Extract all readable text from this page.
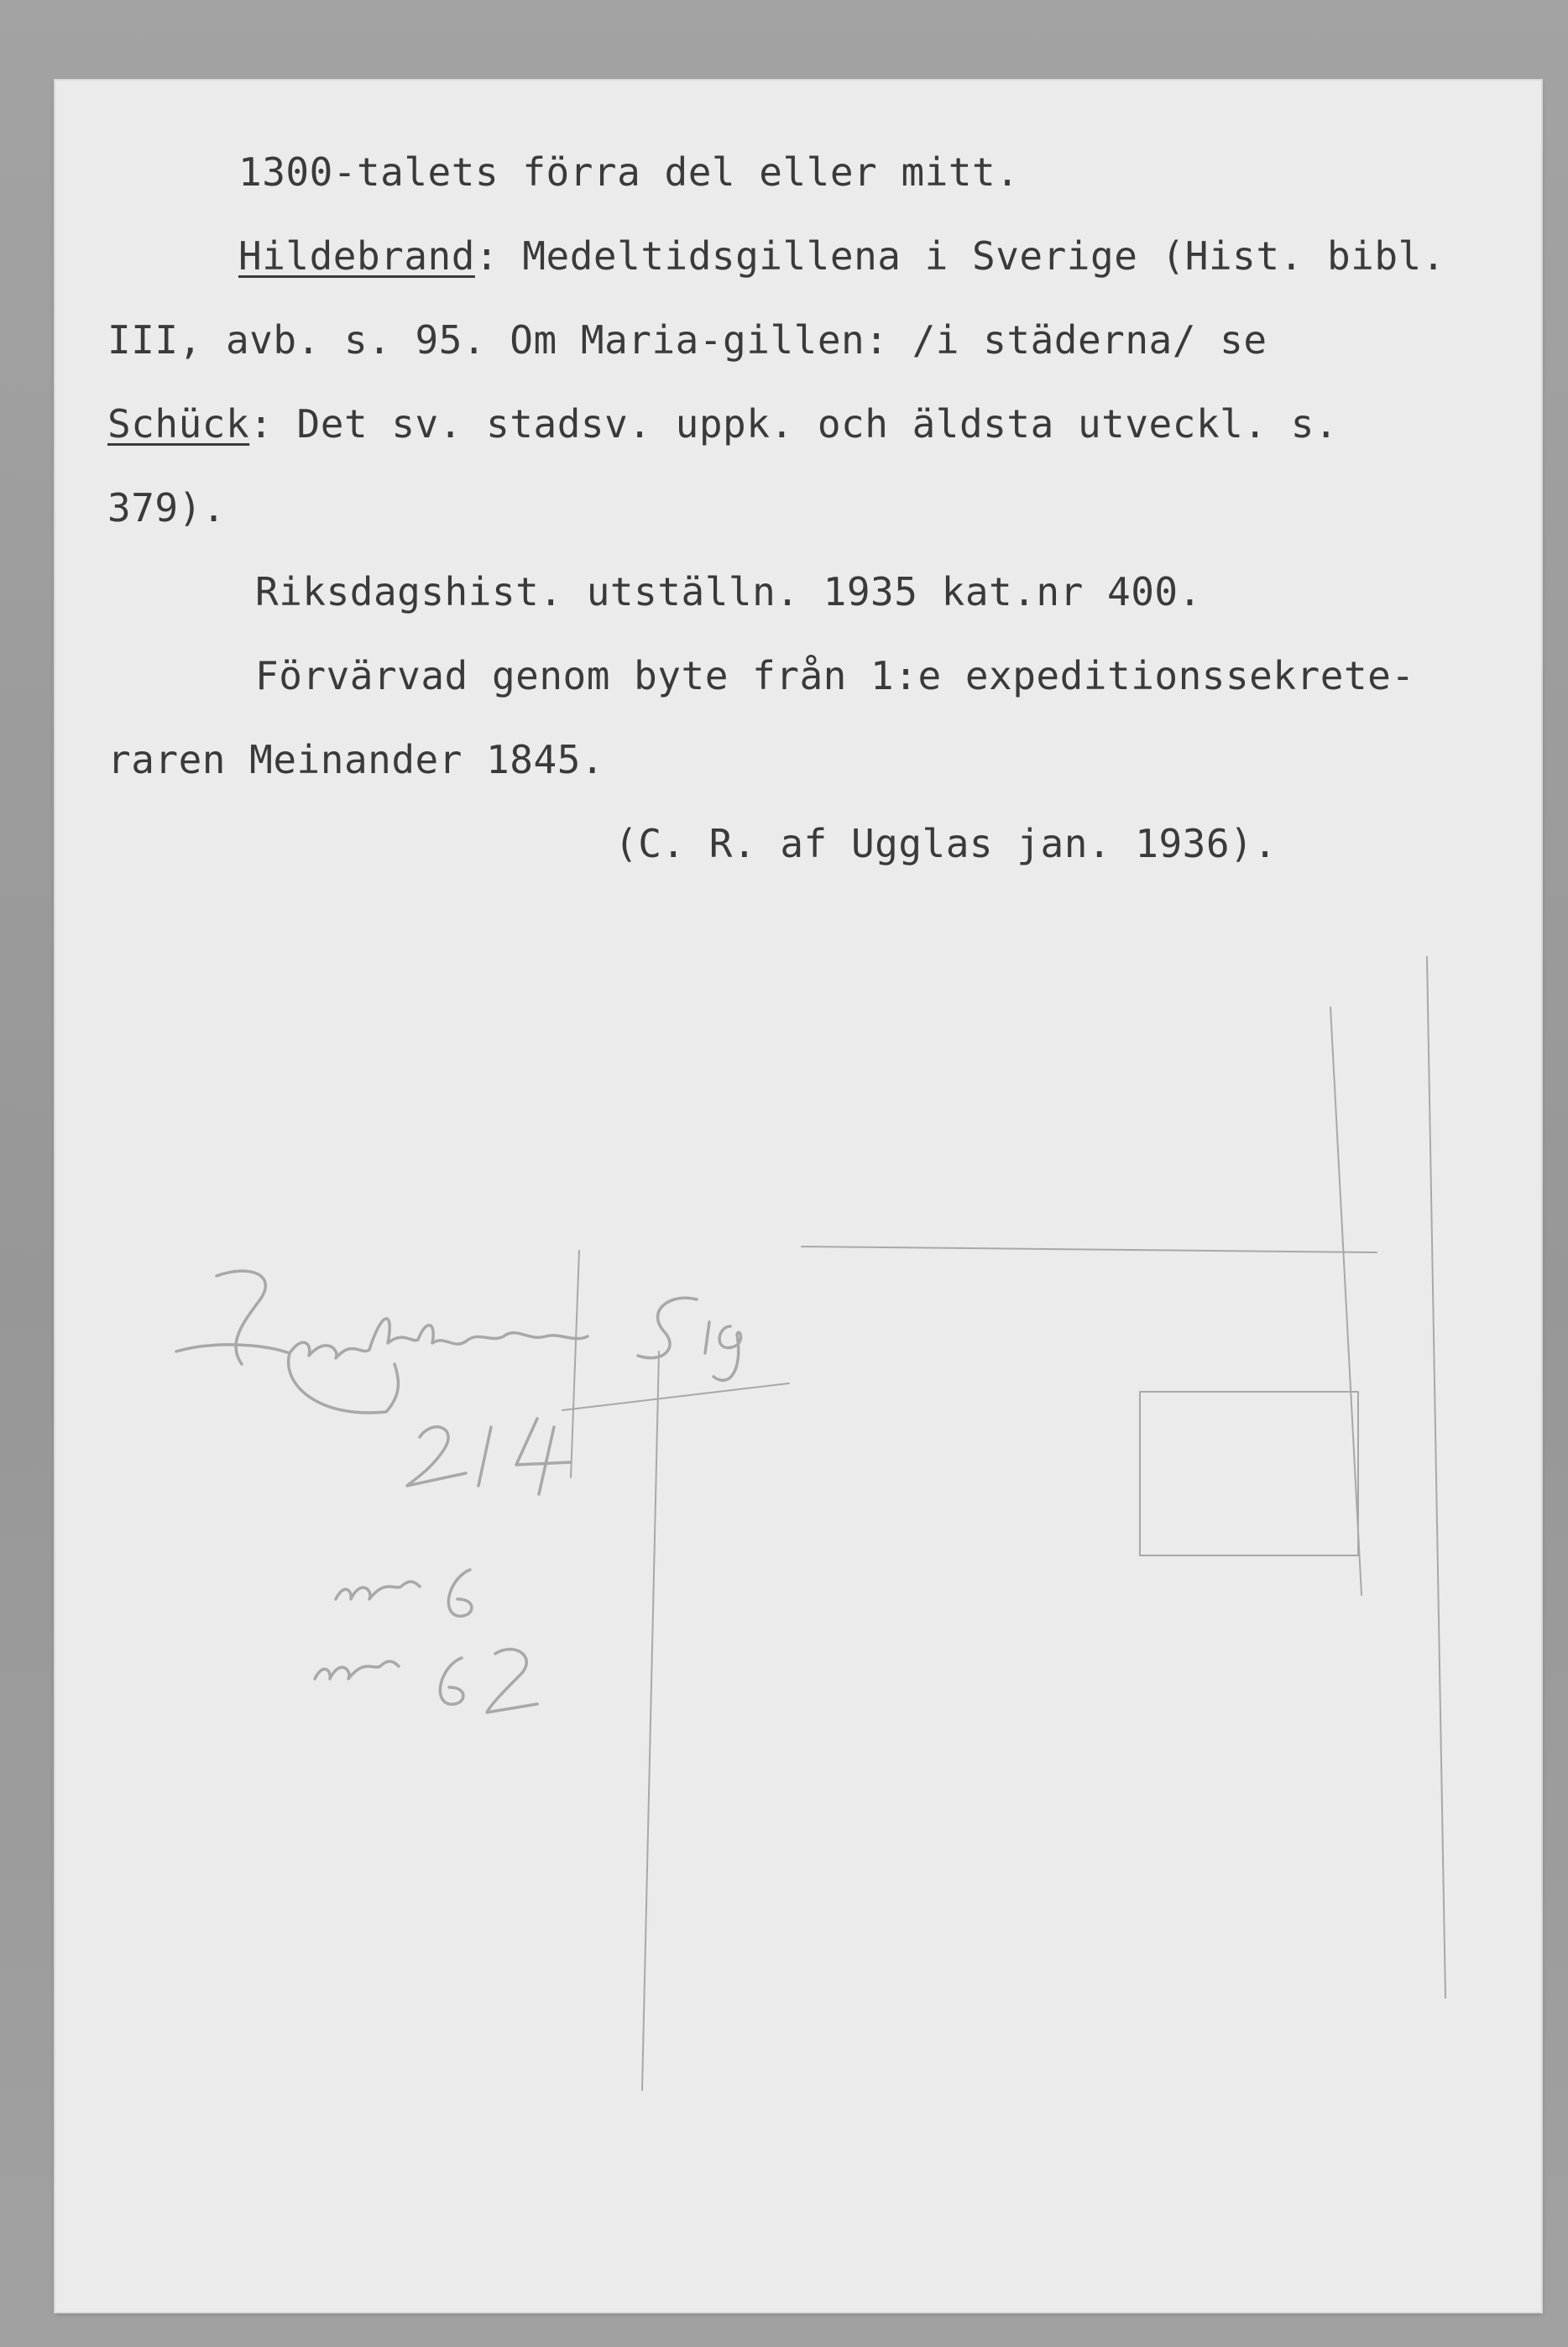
1300-talets förra del eller mitt.

Hildebrand: Medeltidsgillena i Sverige (Hist. bibl.

III, avb. s. 95. Om Maria-gillen: /i städerna/ se

Schück: Det sv. stadsv. uppk. och äldsta utveckl. s.

379).

Riksdagshist. utställn. 1935 kat.nr 400.

Förvärvad genom byte från 1:e expeditionssekrete-

raren Meinander 1845.

(C. R. af Ugglas jan. 1936).
